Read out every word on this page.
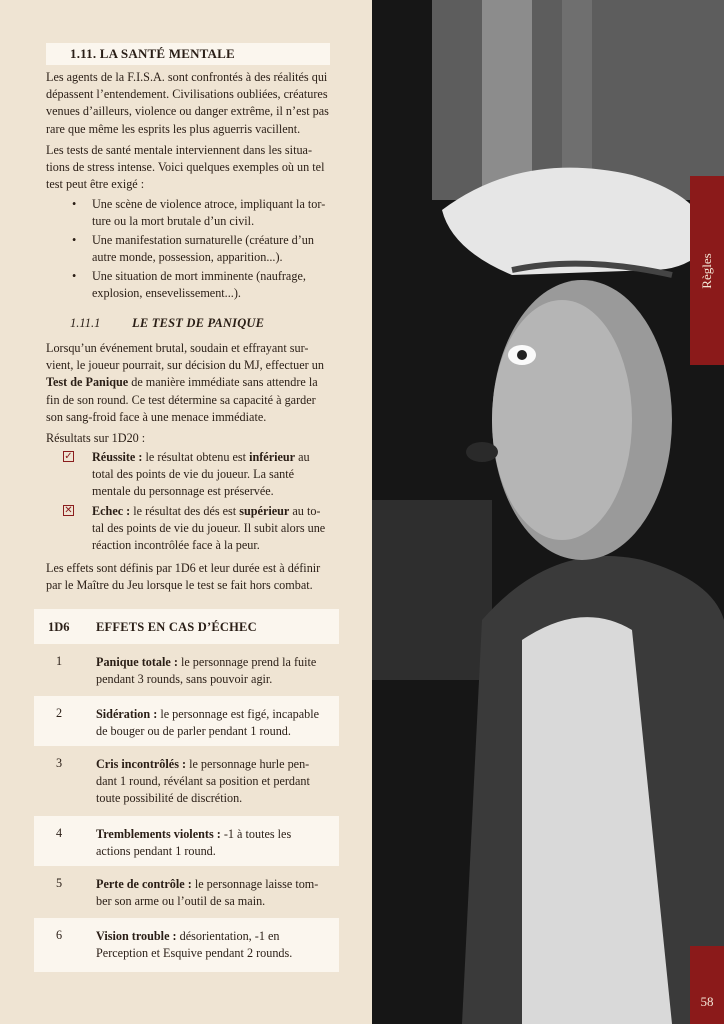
1.11. LA SANTÉ MENTALE
Les agents de la F.I.S.A. sont confrontés à des réalités qui
dépassent l’entendement. Civilisations oubliées, créatures
venues d’ailleurs, violence ou danger extrême, il n’est pas
rare que même les esprits les plus aguerris vacillent.
Les tests de santé mentale interviennent dans les situa-
tions de stress intense. Voici quelques exemples où un tel
test peut être exigé :
• Une scène de violence atroce, impliquant la tor-
ture ou la mort brutale d’un civil.
• Une manifestation surnaturelle (créature d’un
autre monde, possession, apparition...).
• Une situation de mort imminente (naufrage,
explosion, ensevelissement...).
1.11.1	LE TEST DE PANIQUE
Lorsqu’un événement brutal, soudain et effrayant sur-
vient, le joueur pourrait, sur décision du MJ, effectuer un
Test de Panique de manière immédiate sans attendre la
fin de son round. Ce test détermine sa capacité à garder
son sang-froid face à une menace immédiate.
Résultats sur 1D20 :
✓ Réussite : le résultat obtenu est inférieur au
total des points de vie du joueur. La santé
mentale du personnage est préservée.
✕ Echec : le résultat des dés est supérieur au to-
tal des points de vie du joueur. Il subit alors une
réaction incontrôlée face à la peur.
Les effets sont définis par 1D6 et leur durée est à définir
par le Maître du Jeu lorsque le test se fait hors combat.
1D6 EFFETS EN CAS D’ÉCHEC
1	Panique totale : le personnage prend la fuite
pendant 3 rounds, sans pouvoir agir.
2	Sidération : le personnage est figé, incapable
de bouger ou de parler pendant 1 round.
3	Cris incontrôlés : le personnage hurle pen-
dant 1 round, révélant sa position et perdant
toute possibilité de discrétion.
4	Tremblements violents : -1 à toutes les
actions pendant 1 round.
5	Perte de contrôle : le personnage laisse tom-
ber son arme ou l’outil de sa main.
6	Vision trouble : désorientation, -1 en
Perception et Esquive pendant 2 rounds.
Règles
58
